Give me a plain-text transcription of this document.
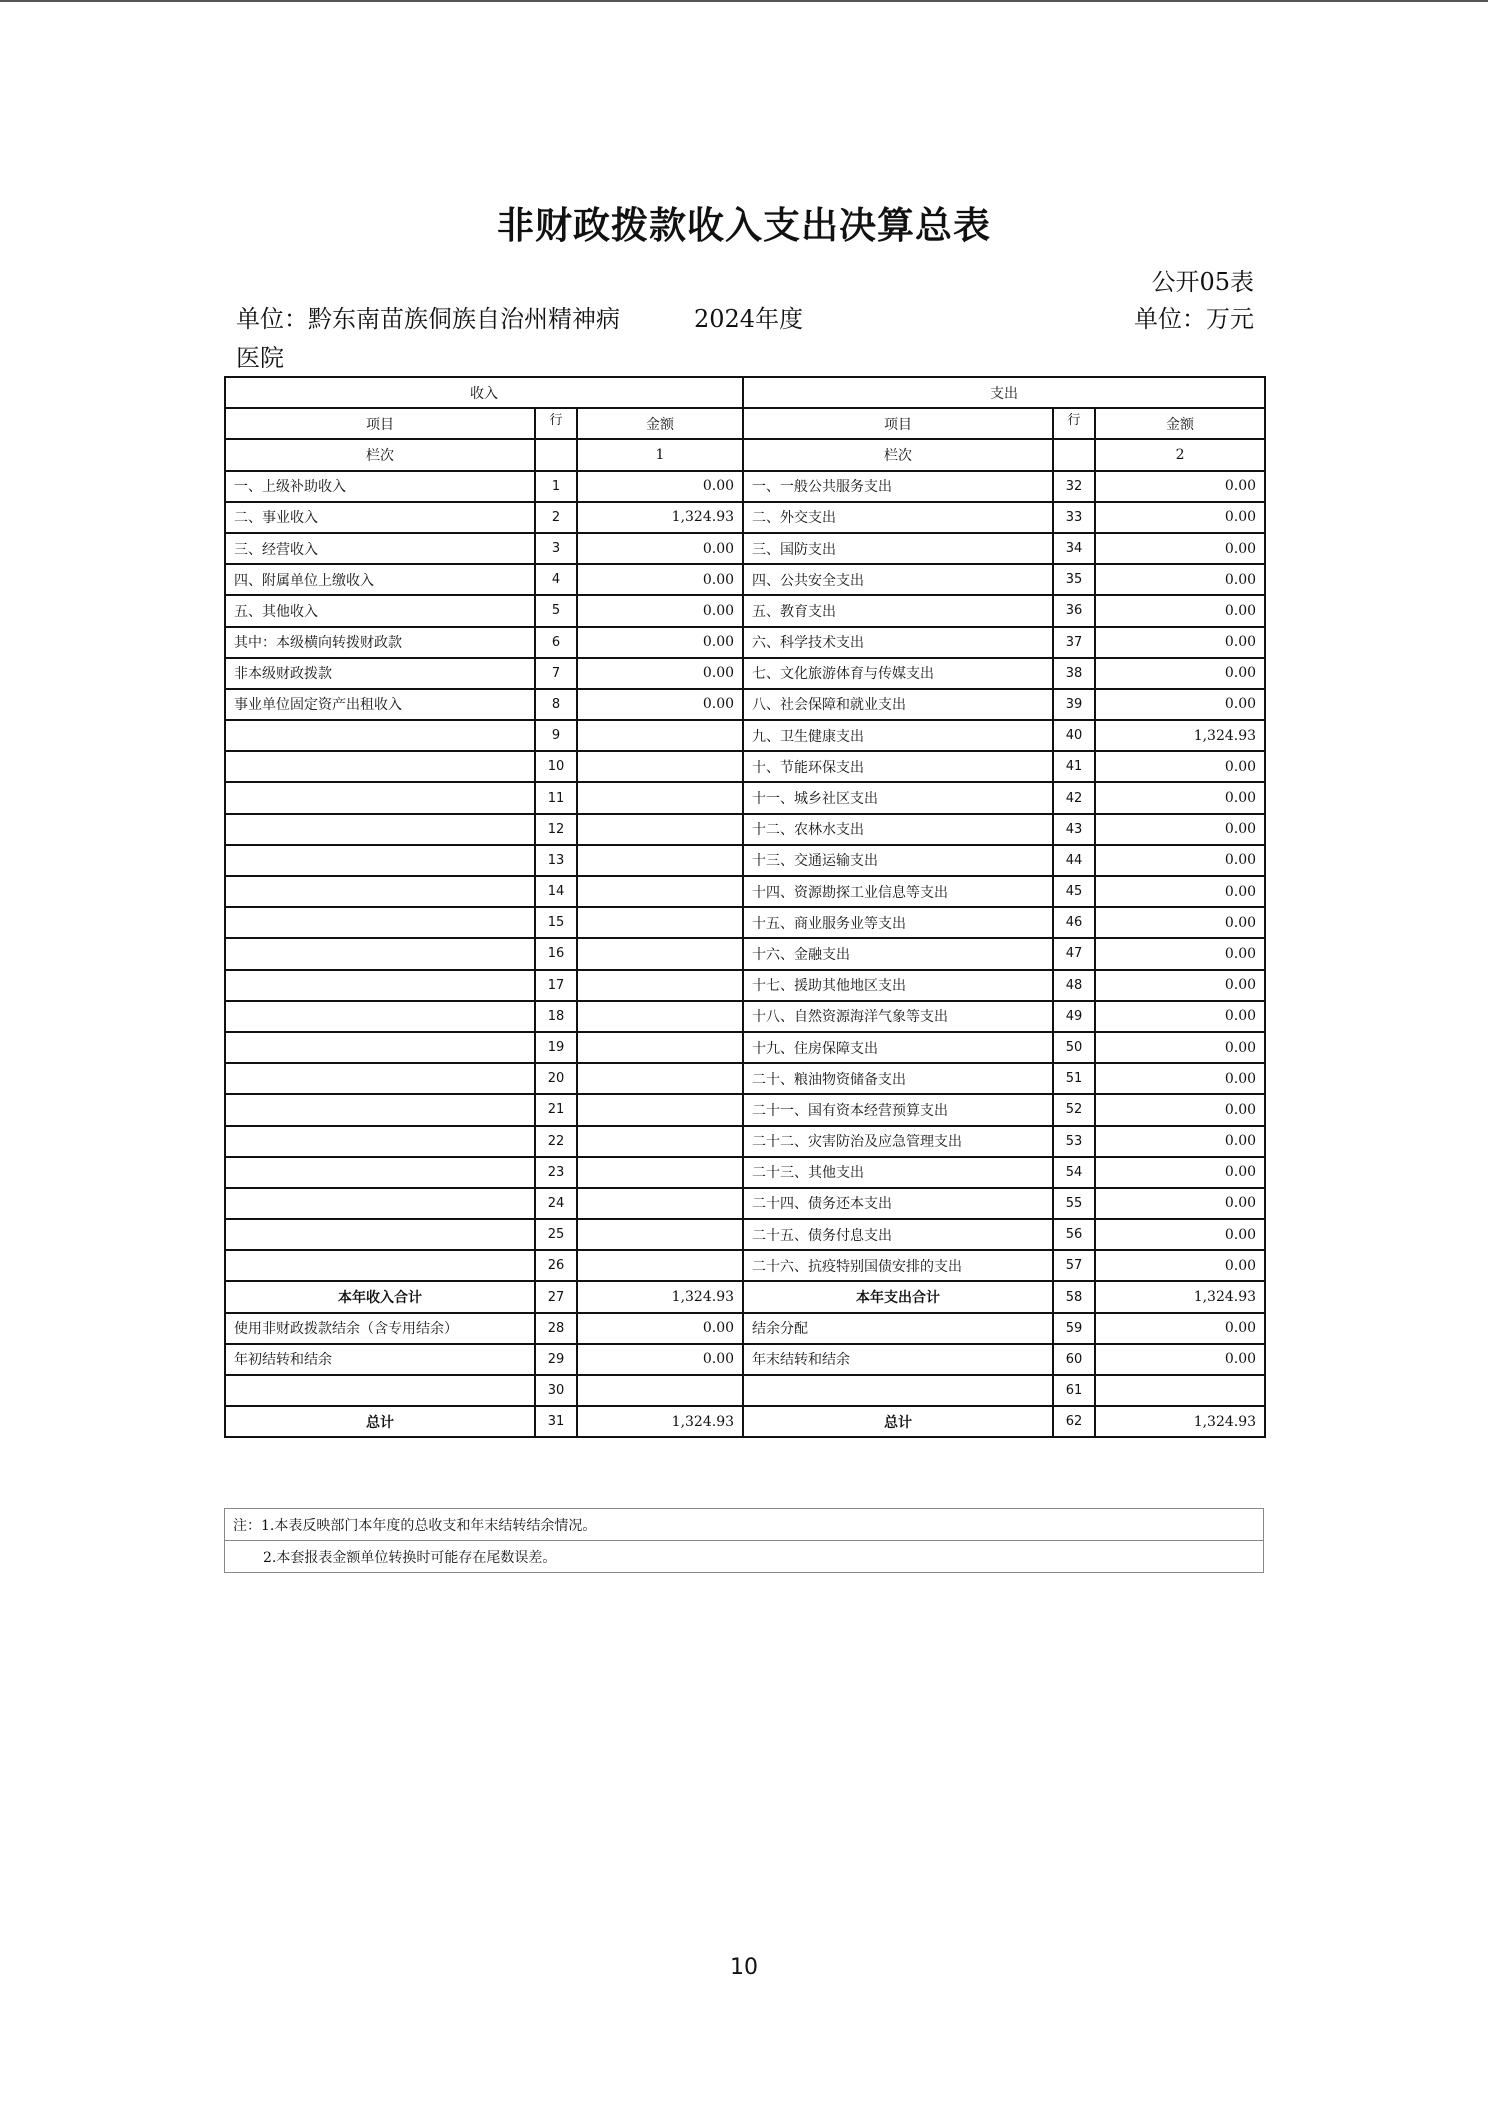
非财政拨款收入支出决算总表
公开05表
单位：黔东南苗族侗族自治州精神病医院
2024年度	单位：万元
收入			支出		
项目	行	金额	项目	行	金额
栏次		1	栏次		2
一、上级补助收入	1	0.00	一、一般公共服务支出	32	0.00
二、事业收入	2	1,324.93	二、外交支出	33	0.00
三、经营收入	3	0.00	三、国防支出	34	0.00
四、附属单位上缴收入	4	0.00	四、公共安全支出	35	0.00
五、其他收入	5	0.00	五、教育支出	36	0.00
其中：本级横向转拨财政款	6	0.00	六、科学技术支出	37	0.00
非本级财政拨款	7	0.00	七、文化旅游体育与传媒支出	38	0.00
事业单位固定资产出租收入	8	0.00	八、社会保障和就业支出	39	0.00
	9		九、卫生健康支出	40	1,324.93
	10		十、节能环保支出	41	0.00
	11		十一、城乡社区支出	42	0.00
	12		十二、农林水支出	43	0.00
	13		十三、交通运输支出	44	0.00
	14		十四、资源勘探工业信息等支出	45	0.00
	15		十五、商业服务业等支出	46	0.00
	16		十六、金融支出	47	0.00
	17		十七、援助其他地区支出	48	0.00
	18		十八、自然资源海洋气象等支出	49	0.00
	19		十九、住房保障支出	50	0.00
	20		二十、粮油物资储备支出	51	0.00
	21		二十一、国有资本经营预算支出	52	0.00
	22		二十二、灾害防治及应急管理支出	53	0.00
	23		二十三、其他支出	54	0.00
	24		二十四、债务还本支出	55	0.00
	25		二十五、债务付息支出	56	0.00
	26		二十六、抗疫特别国债安排的支出	57	0.00
本年收入合计	27	1,324.93	本年支出合计	58	1,324.93
使用非财政拨款结余（含专用结余）	28	0.00	结余分配	59	0.00
年初结转和结余	29	0.00	年末结转和结余	60	0.00
	30			61	
总计	31	1,324.93	总计	62	1,324.93
注：1.本表反映部门本年度的总收支和年末结转结余情况。
2.本套报表金额单位转换时可能存在尾数误差。
10
